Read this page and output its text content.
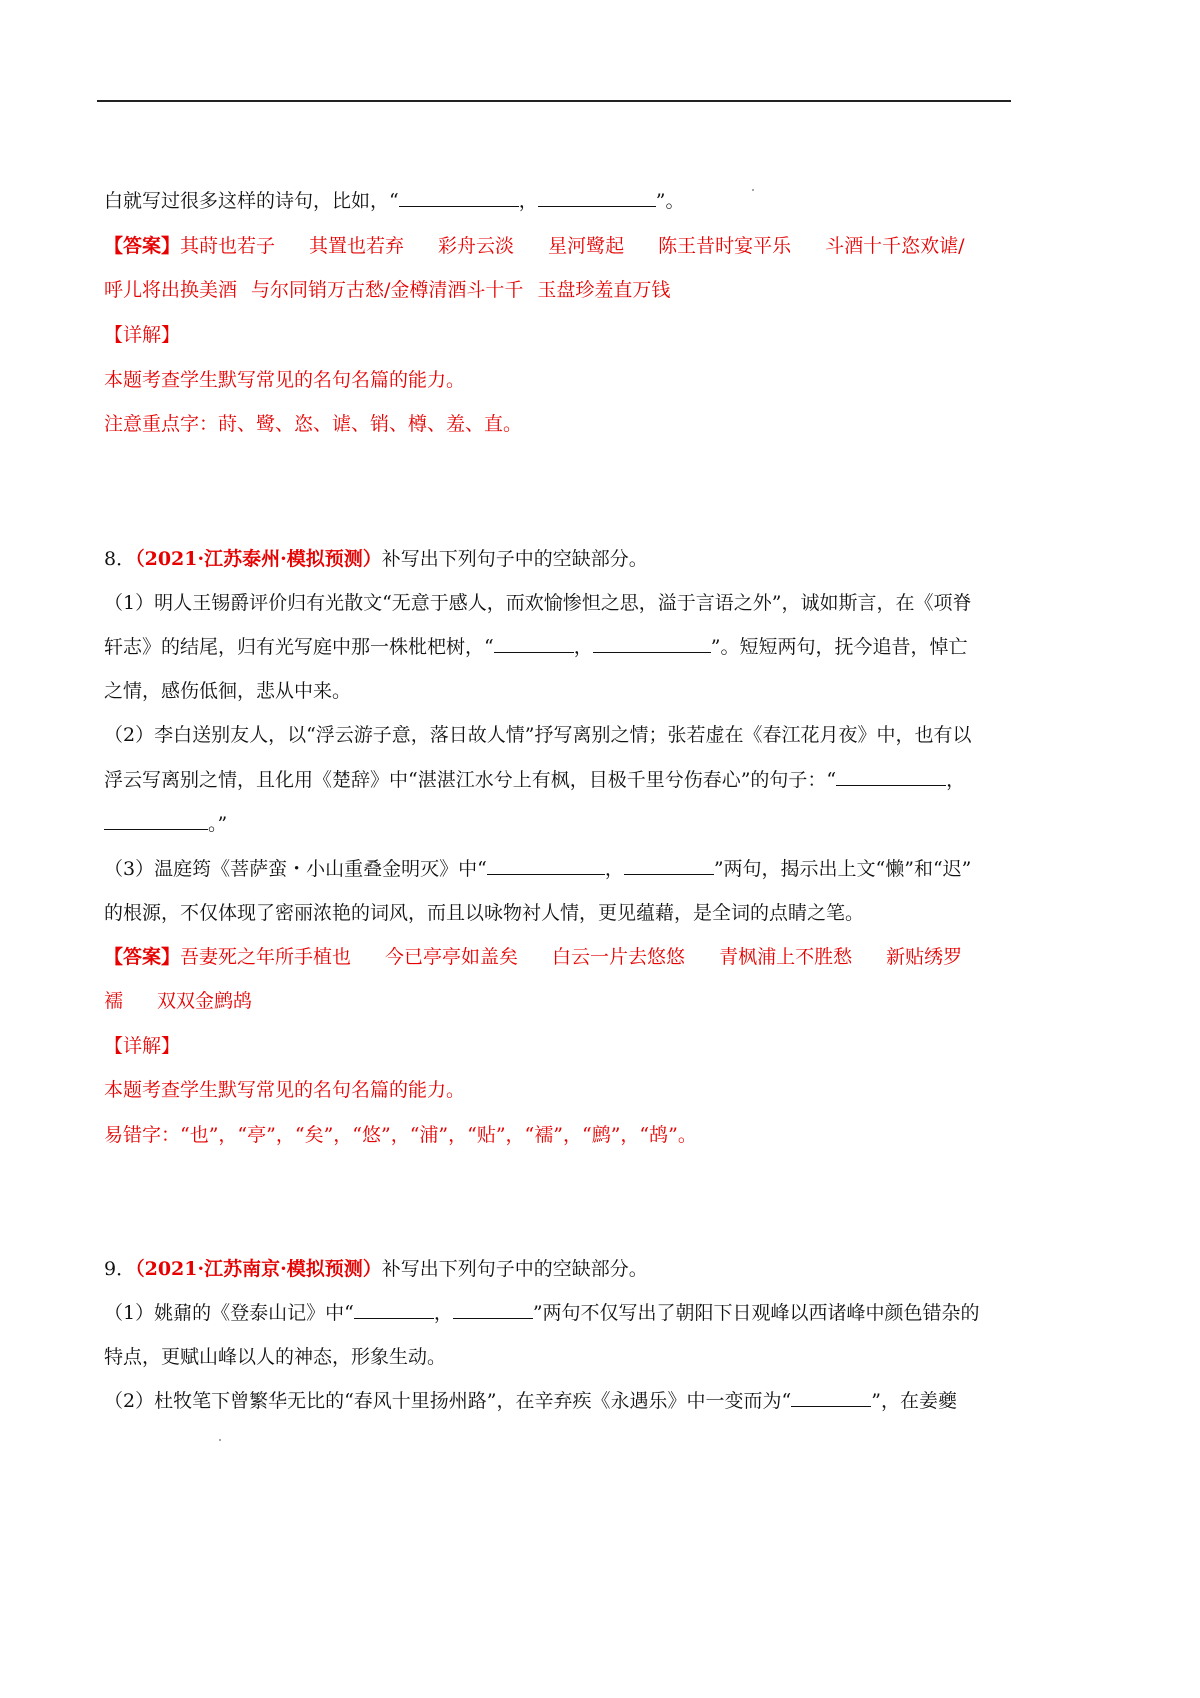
白就写过很多这样的诗句，比如，“	，	”。
【答案】其莳也若子 其置也若弃 彩舟云淡 星河鹭起 陈王昔时宴平乐 斗酒十千恣欢谑/
呼儿将出换美酒 与尔同销万古愁/金樽清酒斗十千 玉盘珍羞直万钱
【详解】
本题考查学生默写常见的名句名篇的能力。
注意重点字：莳、鹭、恣、谑、销、樽、羞、直。
8．（2021·江苏泰州·模拟预测）补写出下列句子中的空缺部分。
（1）明人王锡爵评价归有光散文“无意于感人，而欢愉惨怛之思，溢于言语之外”，诚如斯言，在《项脊
轩志》的结尾，归有光写庭中那一株枇杷树，“	，	”。短短两句，抚今追昔，悼亡
之情，感伤低徊，悲从中来。
（2）李白送别友人，以“浮云游子意，落日故人情”抒写离别之情；张若虚在《春江花月夜》中，也有以
浮云写离别之情，且化用《楚辞》中“湛湛江水兮上有枫，目极千里兮伤春心”的句子：“	，
。”
（3）温庭筠《菩萨蛮・小山重叠金明灭》中“	，	”两句，揭示出上文“懒”和“迟”
的根源，不仅体现了密丽浓艳的词风，而且以咏物衬人情，更见蕴藉，是全词的点睛之笔。
【答案】吾妻死之年所手植也 今已亭亭如盖矣 白云一片去悠悠 青枫浦上不胜愁 新贴绣罗
襦 双双金鹧鸪
【详解】
本题考查学生默写常见的名句名篇的能力。
易错字：“也”，“亭”，“矣”，“悠”，“浦”，“贴”，“襦”，“鹧”，“鸪”。
9．（2021·江苏南京·模拟预测）补写出下列句子中的空缺部分。
（1）姚鼐的《登泰山记》中“	，	”两句不仅写出了朝阳下日观峰以西诸峰中颜色错杂的
特点，更赋山峰以人的神态，形象生动。
（2）杜牧笔下曾繁华无比的“春风十里扬州路”，在辛弃疾《永遇乐》中一变而为“	”，在姜夔
